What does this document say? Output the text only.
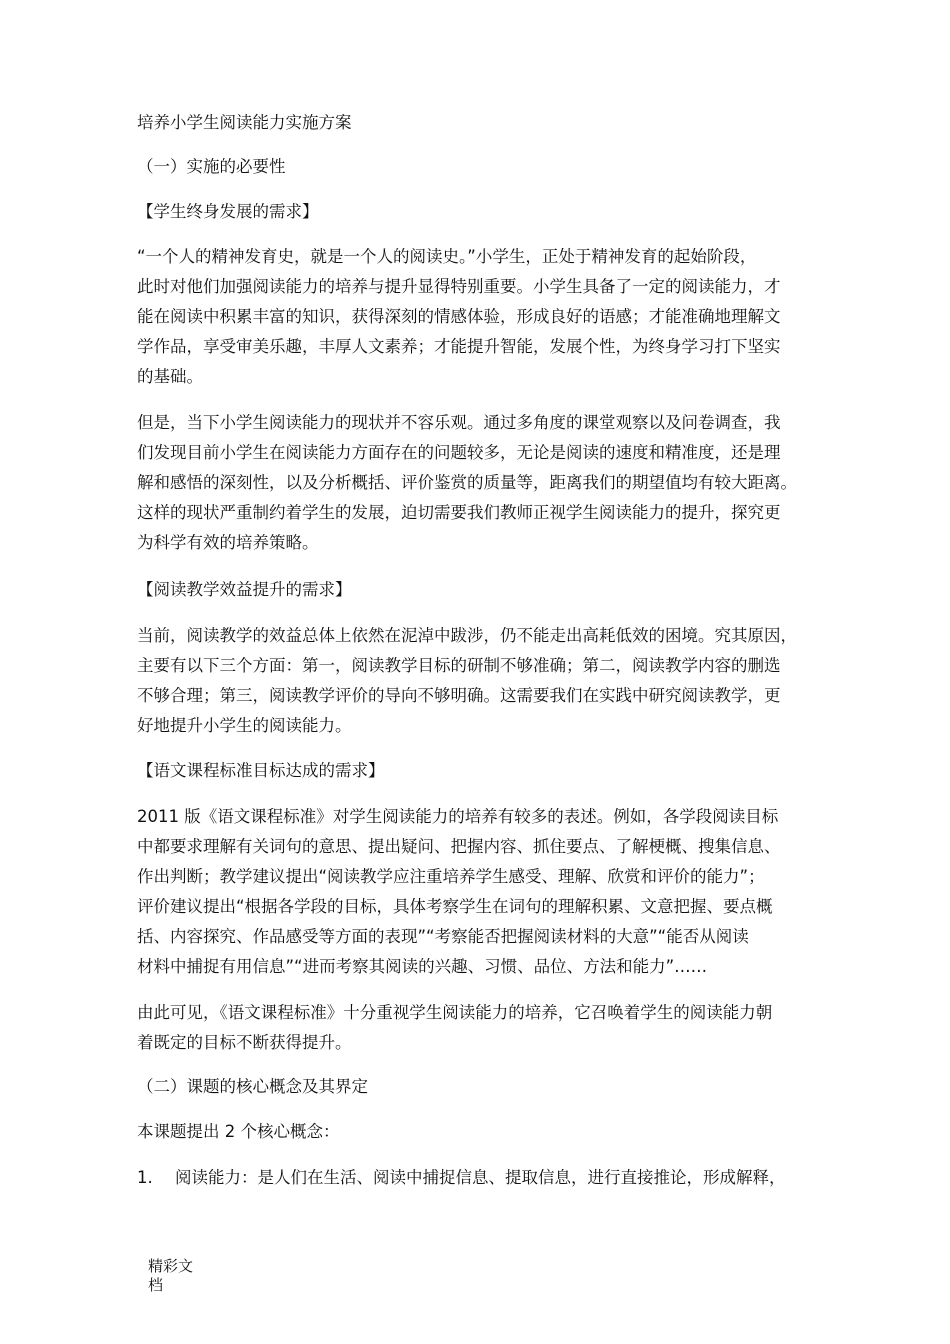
培养小学生阅读能力实施方案
（一）实施的必要性
【学生终身发展的需求】
“一个人的精神发育史，就是一个人的阅读史。”小学生，正处于精神发育的起始阶段，
此时对他们加强阅读能力的培养与提升显得特别重要。小学生具备了一定的阅读能力，才
能在阅读中积累丰富的知识，获得深刻的情感体验，形成良好的语感；才能准确地理解文
学作品，享受审美乐趣，丰厚人文素养；才能提升智能，发展个性，为终身学习打下坚实
的基础。
但是，当下小学生阅读能力的现状并不容乐观。通过多角度的课堂观察以及问卷调查，我
们发现目前小学生在阅读能力方面存在的问题较多，无论是阅读的速度和精准度，还是理
解和感悟的深刻性，以及分析概括、评价鉴赏的质量等，距离我们的期望值均有较大距离。
这样的现状严重制约着学生的发展，迫切需要我们教师正视学生阅读能力的提升，探究更
为科学有效的培养策略。
【阅读教学效益提升的需求】
当前，阅读教学的效益总体上依然在泥淖中跋涉，仍不能走出高耗低效的困境。究其原因，
主要有以下三个方面：第一，阅读教学目标的研制不够准确；第二，阅读教学内容的删选
不够合理；第三，阅读教学评价的导向不够明确。这需要我们在实践中研究阅读教学，更
好地提升小学生的阅读能力。
【语文课程标准目标达成的需求】
2011 版《语文课程标准》对学生阅读能力的培养有较多的表述。例如，各学段阅读目标
中都要求理解有关词句的意思、提出疑问、把握内容、抓住要点、了解梗概、搜集信息、
作出判断；教学建议提出“阅读教学应注重培养学生感受、理解、欣赏和评价的能力”；
评价建议提出“根据各学段的目标，具体考察学生在词句的理解积累、文意把握、要点概
括、内容探究、作品感受等方面的表现”“考察能否把握阅读材料的大意”“能否从阅读
材料中捕捉有用信息”“进而考察其阅读的兴趣、习惯、品位、方法和能力”……
由此可见，《语文课程标准》十分重视学生阅读能力的培养，它召唤着学生的阅读能力朝
着既定的目标不断获得提升。
（二）课题的核心概念及其界定
本课题提出 2 个核心概念：
1. 阅读能力：是人们在生活、阅读中捕捉信息、提取信息，进行直接推论，形成解释，
精彩文
档
